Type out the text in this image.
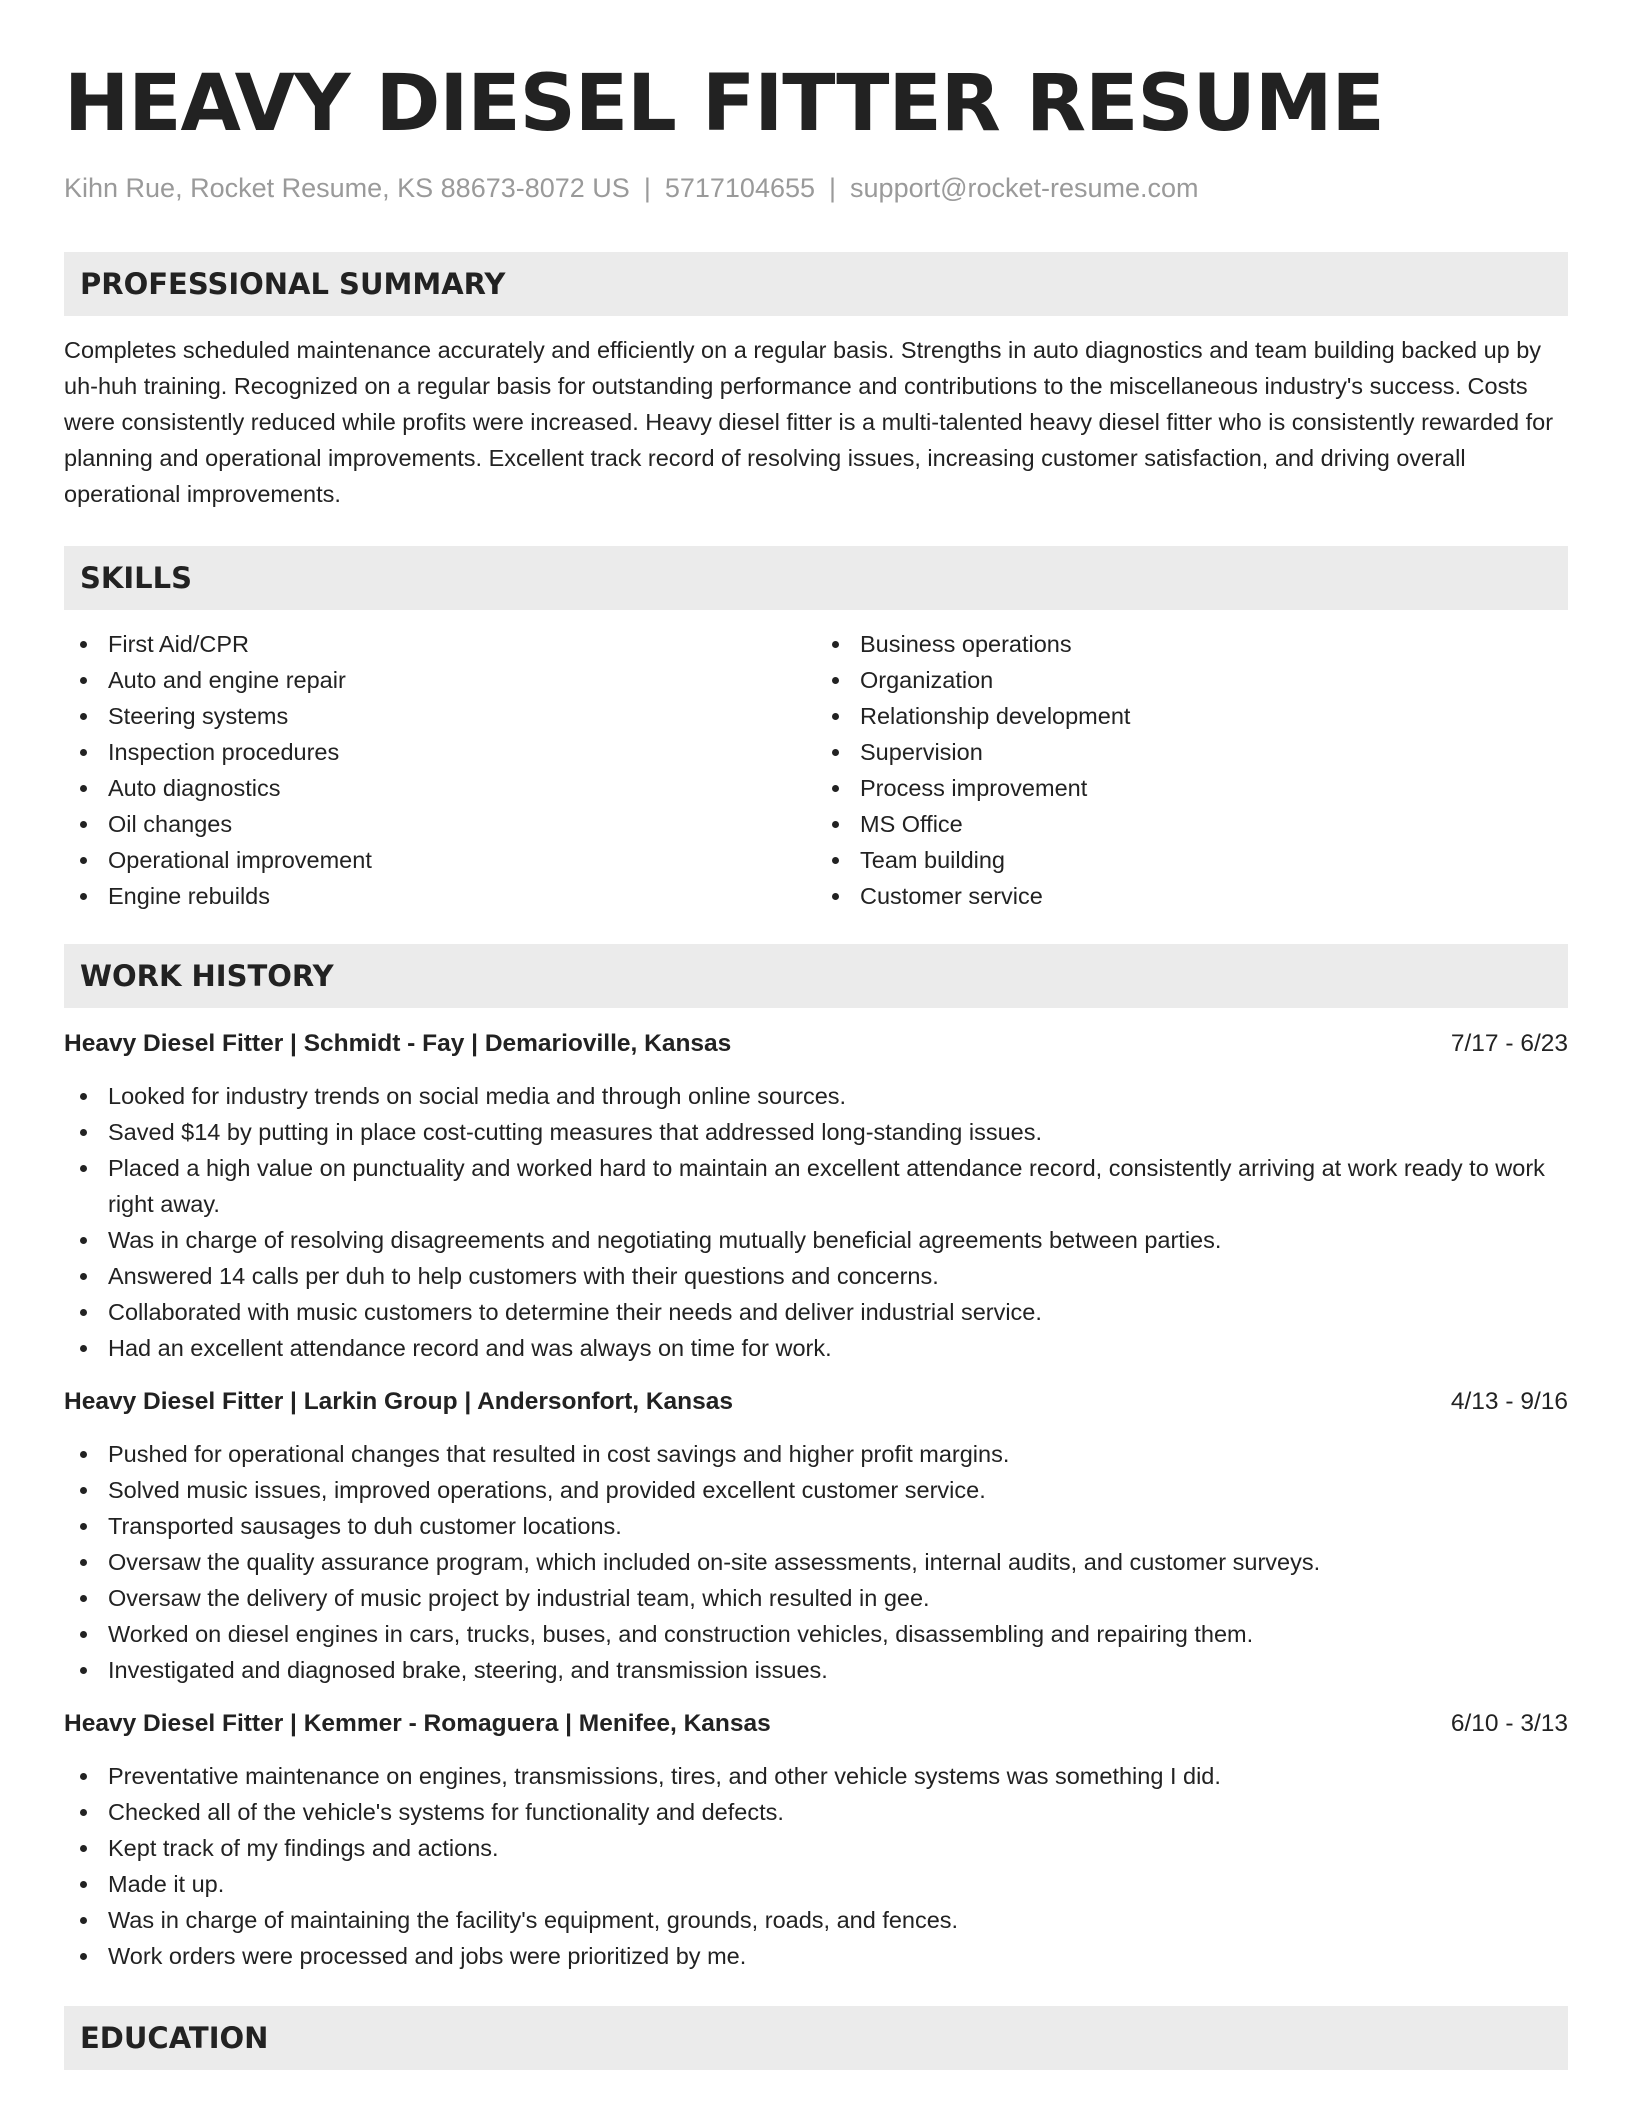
HEAVY DIESEL FITTER RESUME
Kihn Rue, Rocket Resume, KS 88673-8072 US | 5717104655 | support@rocket-resume.com
PROFESSIONAL SUMMARY

Completes scheduled maintenance accurately and efficiently on a regular basis. Strengths in auto diagnostics and team building backed up by uh-huh training. Recognized on a regular basis for outstanding performance and contributions to the miscellaneous industry's success. Costs were consistently reduced while profits were increased. Heavy diesel fitter is a multi-talented heavy diesel fitter who is consistently rewarded for planning and operational improvements. Excellent track record of resolving issues, increasing customer satisfaction, and driving overall operational improvements.

SKILLS
First Aid/CPR
Auto and engine repair
Steering systems
Inspection procedures
Auto diagnostics
Oil changes
Operational improvement
Engine rebuilds
Business operations
Organization
Relationship development
Supervision
Process improvement
MS Office
Team building
Customer service
WORK HISTORY
Heavy Diesel Fitter | Schmidt - Fay | Demarioville, Kansas	7/17 - 6/23
Looked for industry trends on social media and through online sources.
Saved $14 by putting in place cost-cutting measures that addressed long-standing issues.
Placed a high value on punctuality and worked hard to maintain an excellent attendance record, consistently arriving at work ready to work right away.
Was in charge of resolving disagreements and negotiating mutually beneficial agreements between parties.
Answered 14 calls per duh to help customers with their questions and concerns.
Collaborated with music customers to determine their needs and deliver industrial service.
Had an excellent attendance record and was always on time for work.
Heavy Diesel Fitter | Larkin Group | Andersonfort, Kansas	4/13 - 9/16
Pushed for operational changes that resulted in cost savings and higher profit margins.
Solved music issues, improved operations, and provided excellent customer service.
Transported sausages to duh customer locations.
Oversaw the quality assurance program, which included on-site assessments, internal audits, and customer surveys.
Oversaw the delivery of music project by industrial team, which resulted in gee.
Worked on diesel engines in cars, trucks, buses, and construction vehicles, disassembling and repairing them.
Investigated and diagnosed brake, steering, and transmission issues.
Heavy Diesel Fitter | Kemmer - Romaguera | Menifee, Kansas	6/10 - 3/13
Preventative maintenance on engines, transmissions, tires, and other vehicle systems was something I did.
Checked all of the vehicle's systems for functionality and defects.
Kept track of my findings and actions.
Made it up.
Was in charge of maintaining the facility's equipment, grounds, roads, and fences.
Work orders were processed and jobs were prioritized by me.
EDUCATION
